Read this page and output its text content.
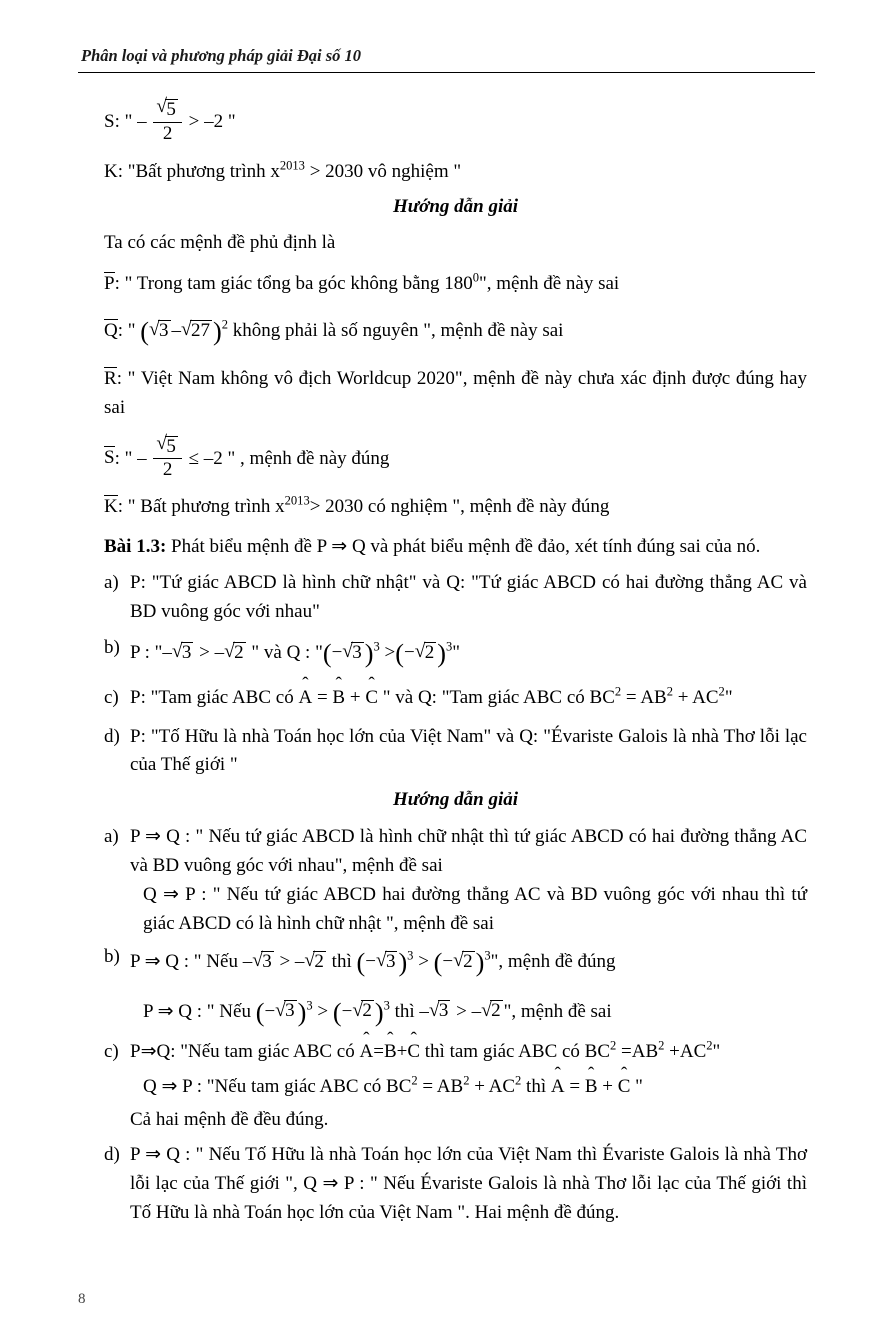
Phân loại và phương pháp giải Đại số 10
S: " – √ $\frac{5}{2} > -2$ "
K: "Bất phương trình $x^{2013} > 2030$ vô nghiệm "
Hướng dẫn giải
Ta có các mệnh đề phủ định là
P: " Trong tam giác tổng ba góc không bằng $180^0$", mệnh đề này sai
Q: " ( √ 3 – √ 27 )$^2$ không phải là số nguyên ", mệnh đề này sai
R: " Việt Nam không vô địch Worldcup 2020", mệnh đề này chưa xác định được đúng hay sai
S: " – √ $\frac{5}{2} \le -2$ " , mệnh đề này đúng
K: " Bất phương trình $x^{2013}> 2030$ có nghiệm ", mệnh đề này đúng
Bài 1.3: Phát biểu mệnh đề P ⇒ Q và phát biểu mệnh đề đảo, xét tính đúng sai của nó.
a) P: "Tứ giác ABCD là hình chữ nhật" và Q: "Tứ giác ABCD có hai đường thẳng AC và BD vuông góc với nhau"
b) P : "– √ 3 > – √ 2 " và Q : "(− √ 3 )$^3$ >(− √ 2 )$^3$"
c) P: "Tam giác ABC có A ̂ = B ̂ + C ̂ " và Q: "Tam giác ABC có $BC^2 = AB^2 + AC^2$"
d) P: "Tố Hữu là nhà Toán học lớn của Việt Nam" và Q: "Évariste Galois là nhà Thơ lỗi lạc của Thế giới "
Hướng dẫn giải
a) P ⇒ Q : " Nếu tứ giác ABCD là hình chữ nhật thì tứ giác ABCD có hai đường thẳng AC và BD vuông góc với nhau", mệnh đề sai
Q ⇒ P : " Nếu tứ giác ABCD hai đường thẳng AC và BD vuông góc với nhau thì tứ giác ABCD có là hình chữ nhật ", mệnh đề sai
b) P ⇒ Q : " Nếu – √ 3 > – √ 2 thì (− √ 3 )$^3$ > (− √ 2 )$^3$", mệnh đề đúng
P ⇒ Q : " Nếu (− √ 3 )$^3$ > (− √ 2 )$^3$ thì – √ 3 > – √ 2 ", mệnh đề sai
c) P⇒Q: "Nếu tam giác ABC có A ̂=B ̂+C ̂ thì tam giác ABC có $BC^2 =AB^2 +AC^2$"
Q ⇒ P : "Nếu tam giác ABC có $BC^2 = AB^2 + AC^2$ thì A ̂ = B ̂ + C ̂ "
Cả hai mệnh đề đều đúng.
d) P ⇒ Q : " Nếu Tố Hữu là nhà Toán học lớn của Việt Nam thì Évariste Galois là nhà Thơ lỗi lạc của Thế giới ", Q ⇒ P : " Nếu Évariste Galois là nhà Thơ lỗi lạc của Thế giới thì Tố Hữu là nhà Toán học lớn của Việt Nam ". Hai mệnh đề đúng.
8
